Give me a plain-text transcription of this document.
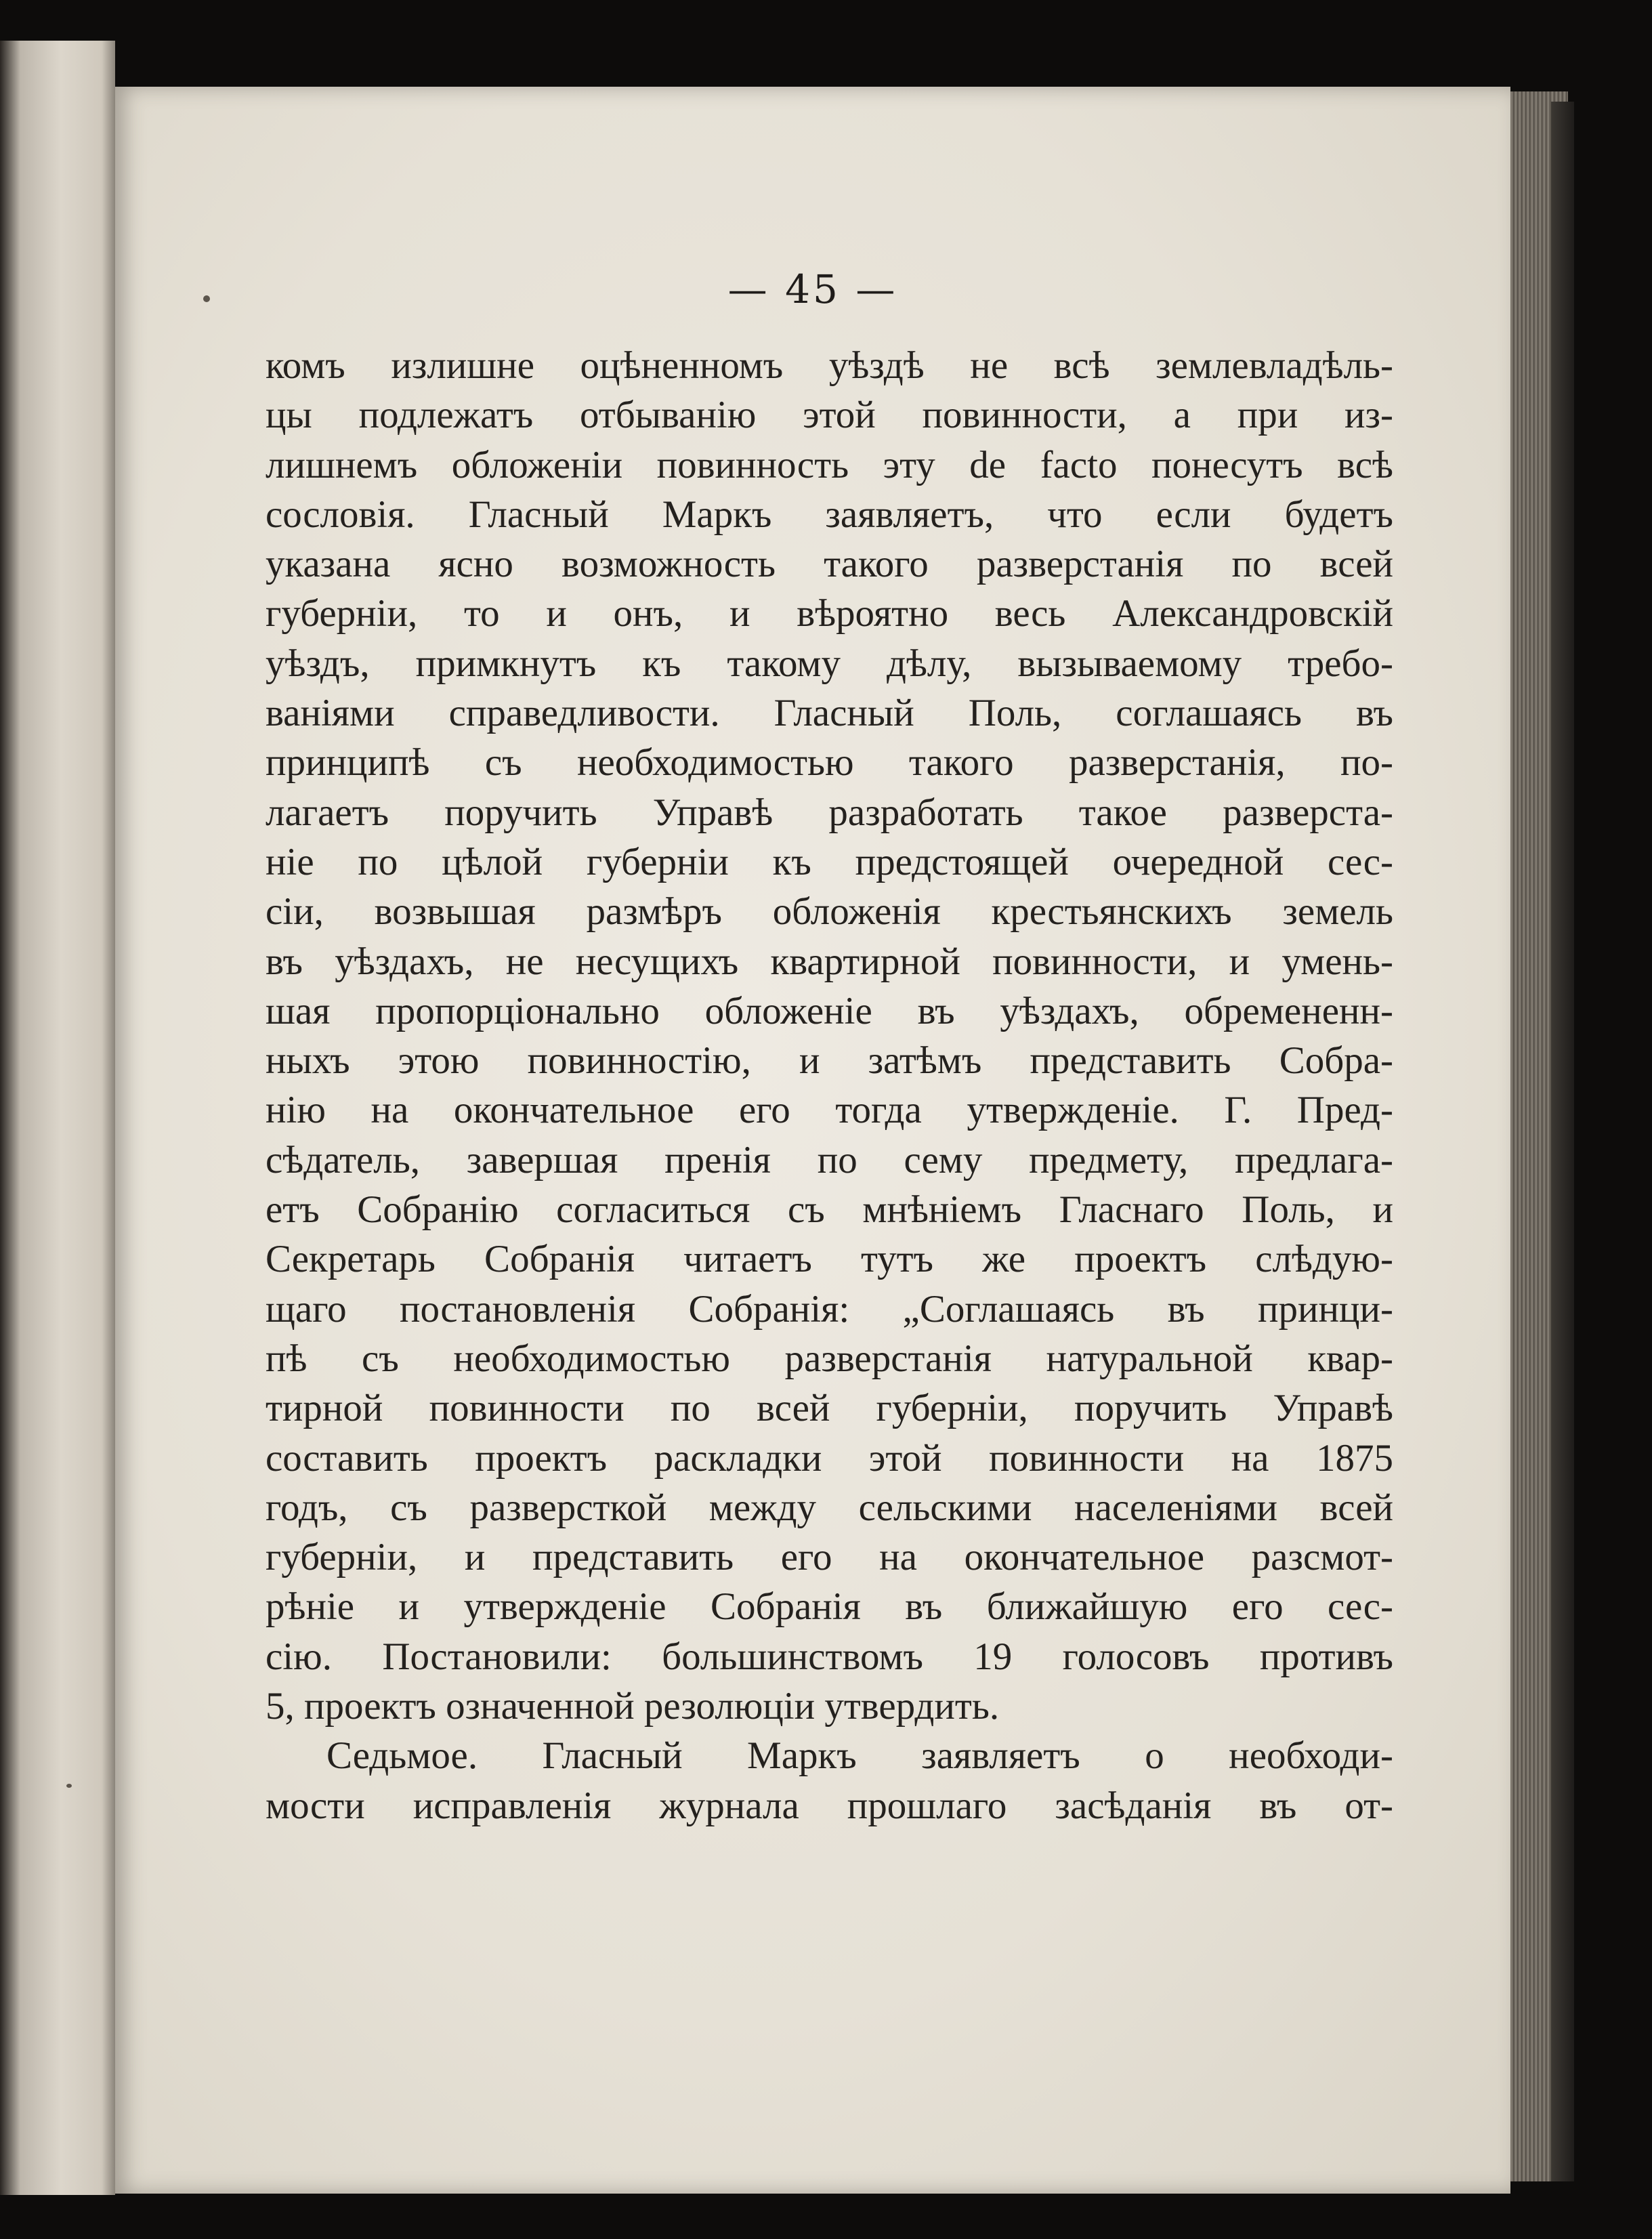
— 45 —
комъ излишне оцѣненномъ уѣздѣ не всѣ землевладѣль-
цы подлежатъ отбыванію этой повинности, а при из-
лишнемъ обложеніи повинность эту de facto понесутъ всѣ
сословія. Гласный Маркъ заявляетъ, что если будетъ
указана ясно возможность такого разверстанія по всей
губерніи, то и онъ, и вѣроятно весь Александровскій
уѣздъ, примкнутъ къ такому дѣлу, вызываемому требо-
ваніями справедливости. Гласный Поль, соглашаясь въ
принципѣ съ необходимостью такого разверстанія, по-
лагаетъ поручить Управѣ разработать такое разверста-
ніе по цѣлой губерніи къ предстоящей очередной сес-
сіи, возвышая размѣръ обложенія крестьянскихъ земель
въ уѣздахъ, не несущихъ квартирной повинности, и умень-
шая пропорціонально обложеніе въ уѣздахъ, обремененн-
ныхъ этою повинностію, и затѣмъ представить Собра-
нію на окончательное его тогда утвержденіе. Г. Пред-
сѣдатель, завершая пренія по сему предмету, предлага-
етъ Собранію согласиться съ мнѣніемъ Гласнаго Поль, и
Секретарь Собранія читаетъ тутъ же проектъ слѣдую-
щаго постановленія Собранія: „Соглашаясь въ принци-
пѣ съ необходимостью разверстанія натуральной квар-
тирной повинности по всей губерніи, поручить Управѣ
составить проектъ раскладки этой повинности на 1875
годъ, съ разверсткой между сельскими населеніями всей
губерніи, и представить его на окончательное разсмот-
рѣніе и утвержденіе Собранія въ ближайшую его сес-
сію. Постановили: большинствомъ 19 голосовъ противъ
5, проектъ означенной резолюціи утвердить.
Седьмое. Гласный Маркъ заявляетъ о необходи-
мости исправленія журнала прошлаго засѣданія въ от-
